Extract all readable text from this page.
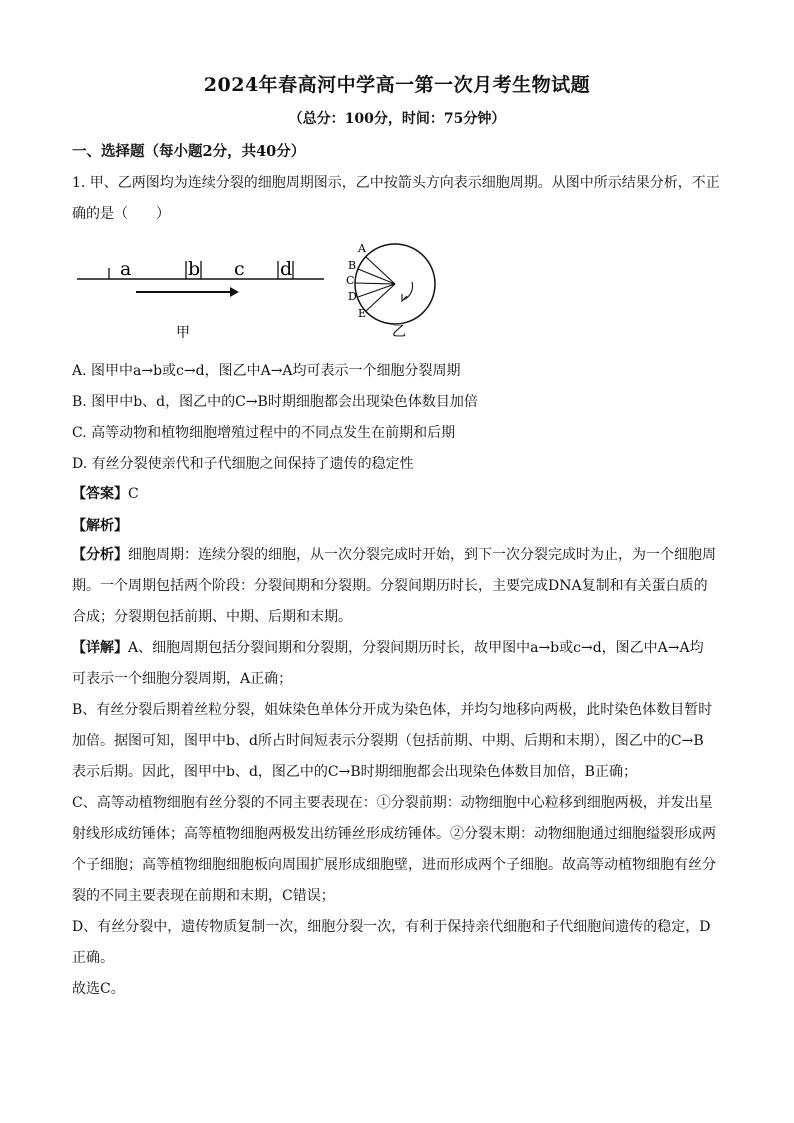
2024年春高河中学高一第一次月考生物试题
（总分：100分，时间：75分钟）
一、选择题（每小题2分，共40分）

1. 甲、乙两图均为连续分裂的细胞周期图示，乙中按箭头方向表示细胞周期。从图中所示结果分析，不正

确的是（　　）

a	b c d
甲
A
B
C
D
E
乙
A. 图甲中a→b或c→d，图乙中A→A均可表示一个细胞分裂周期
B. 图甲中b、d，图乙中的C→B时期细胞都会出现染色体数目加倍
C. 高等动物和植物细胞增殖过程中的不同点发生在前期和后期
D. 有丝分裂使亲代和子代细胞之间保持了遗传的稳定性
【答案】C
【解析】

【分析】细胞周期：连续分裂的细胞，从一次分裂完成时开始，到下一次分裂完成时为止，为一个细胞周

期。一个周期包括两个阶段：分裂间期和分裂期。分裂间期历时长，主要完成DNA复制和有关蛋白质的

合成；分裂期包括前期、中期、后期和末期。

【详解】A、细胞周期包括分裂间期和分裂期，分裂间期历时长，故甲图中a→b或c→d，图乙中A→A均

可表示一个细胞分裂周期，A正确；

B、有丝分裂后期着丝粒分裂，姐妹染色单体分开成为染色体，并均匀地移向两极，此时染色体数目暂时

加倍。据图可知，图甲中b、d所占时间短表示分裂期（包括前期、中期、后期和末期），图乙中的C→B

表示后期。因此，图甲中b、d，图乙中的C→B时期细胞都会出现染色体数目加倍，B正确；

C、高等动植物细胞有丝分裂的不同主要表现在：①分裂前期：动物细胞中心粒移到细胞两极，并发出星

射线形成纺锤体；高等植物细胞两极发出纺锤丝形成纺锤体。②分裂末期：动物细胞通过细胞缢裂形成两

个子细胞；高等植物细胞细胞板向周围扩展形成细胞壁，进而形成两个子细胞。故高等动植物细胞有丝分

裂的不同主要表现在前期和末期，C错误；

D、有丝分裂中，遗传物质复制一次，细胞分裂一次，有利于保持亲代细胞和子代细胞间遗传的稳定，D

正确。

故选C。
